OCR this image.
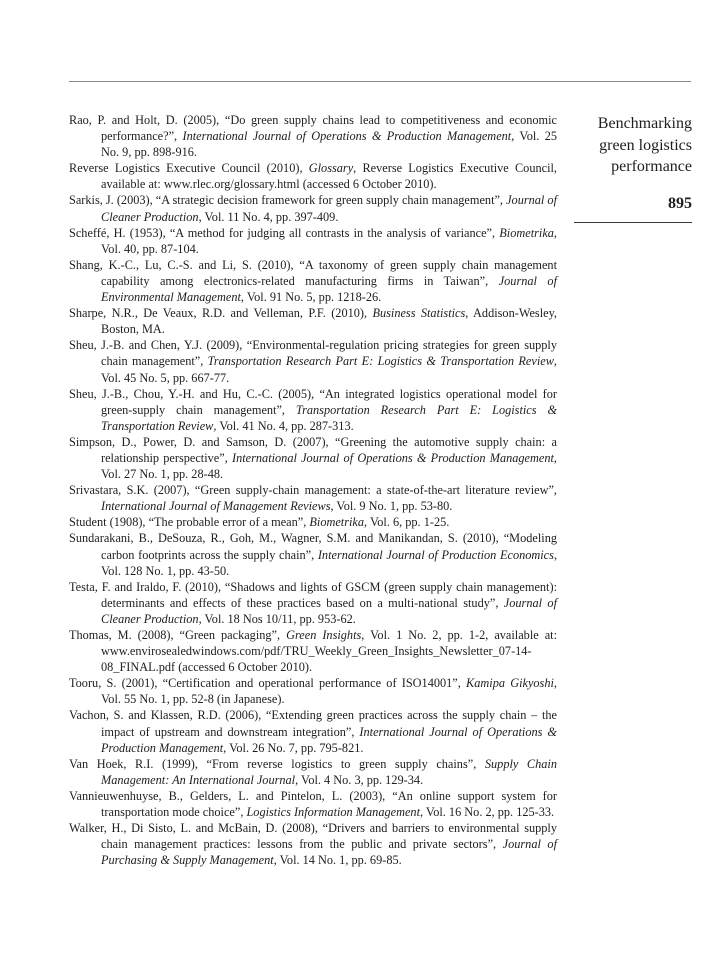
Benchmarking
green logistics
performance
895

Rao, P. and Holt, D. (2005), “Do green supply chains lead to competitiveness and economic performance?”, International Journal of Operations & Production Management, Vol. 25 No. 9, pp. 898-916.

Reverse Logistics Executive Council (2010), Glossary, Reverse Logistics Executive Council, available at: www.rlec.org/glossary.html (accessed 6 October 2010).

Sarkis, J. (2003), “A strategic decision framework for green supply chain management”, Journal of Cleaner Production, Vol. 11 No. 4, pp. 397-409.

Scheffé, H. (1953), “A method for judging all contrasts in the analysis of variance”, Biometrika, Vol. 40, pp. 87-104.

Shang, K.-C., Lu, C.-S. and Li, S. (2010), “A taxonomy of green supply chain management capability among electronics-related manufacturing firms in Taiwan”, Journal of Environmental Management, Vol. 91 No. 5, pp. 1218-26.

Sharpe, N.R., De Veaux, R.D. and Velleman, P.F. (2010), Business Statistics, Addison-Wesley, Boston, MA.

Sheu, J.-B. and Chen, Y.J. (2009), “Environmental-regulation pricing strategies for green supply chain management”, Transportation Research Part E: Logistics & Transportation Review, Vol. 45 No. 5, pp. 667-77.

Sheu, J.-B., Chou, Y.-H. and Hu, C.-C. (2005), “An integrated logistics operational model for green-supply chain management”, Transportation Research Part E: Logistics & Transportation Review, Vol. 41 No. 4, pp. 287-313.

Simpson, D., Power, D. and Samson, D. (2007), “Greening the automotive supply chain: a relationship perspective”, International Journal of Operations & Production Management, Vol. 27 No. 1, pp. 28-48.

Srivastara, S.K. (2007), “Green supply-chain management: a state-of-the-art literature review”, International Journal of Management Reviews, Vol. 9 No. 1, pp. 53-80.

Student (1908), “The probable error of a mean”, Biometrika, Vol. 6, pp. 1-25.

Sundarakani, B., DeSouza, R., Goh, M., Wagner, S.M. and Manikandan, S. (2010), “Modeling carbon footprints across the supply chain”, International Journal of Production Economics, Vol. 128 No. 1, pp. 43-50.

Testa, F. and Iraldo, F. (2010), “Shadows and lights of GSCM (green supply chain management): determinants and effects of these practices based on a multi-national study”, Journal of Cleaner Production, Vol. 18 Nos 10/11, pp. 953-62.

Thomas, M. (2008), “Green packaging”, Green Insights, Vol. 1 No. 2, pp. 1-2, available at: www.envirosealedwindows.com/pdf/TRU_Weekly_Green_Insights_Newsletter_07-14-08_FINAL.pdf (accessed 6 October 2010).

Tooru, S. (2001), “Certification and operational performance of ISO14001”, Kamipa Gikyoshi, Vol. 55 No. 1, pp. 52-8 (in Japanese).

Vachon, S. and Klassen, R.D. (2006), “Extending green practices across the supply chain – the impact of upstream and downstream integration”, International Journal of Operations & Production Management, Vol. 26 No. 7, pp. 795-821.

Van Hoek, R.I. (1999), “From reverse logistics to green supply chains”, Supply Chain Management: An International Journal, Vol. 4 No. 3, pp. 129-34.

Vannieuwenhuyse, B., Gelders, L. and Pintelon, L. (2003), “An online support system for transportation mode choice”, Logistics Information Management, Vol. 16 No. 2, pp. 125-33.

Walker, H., Di Sisto, L. and McBain, D. (2008), “Drivers and barriers to environmental supply chain management practices: lessons from the public and private sectors”, Journal of Purchasing & Supply Management, Vol. 14 No. 1, pp. 69-85.
